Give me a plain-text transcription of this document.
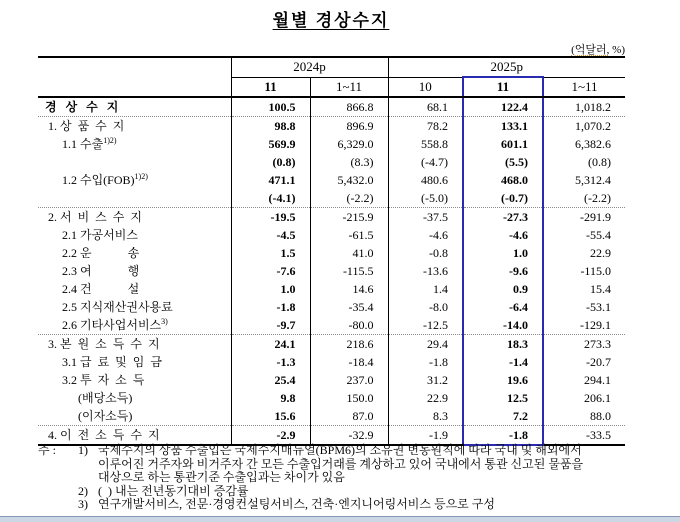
월별 경상수지
(억달러, %)
	2024p		2025p		
	11	1~11	10	11	1~11
경   상   수   지	100.5	866.8	68.1	122.4	1,018.2
1. 상  품  수  지	98.8	896.9	78.2	133.1	1,070.2
1.1 수출$^{1)2)}$	569.9	6,329.0	558.8	601.1	6,382.6
	(0.8)	(8.3)	(-4.7)	(5.5)	(0.8)
1.2 수입(FOB)$^{1)2)}$	471.1	5,432.0	480.6	468.0	5,312.4
	(-4.1)	(-2.2)	(-5.0)	(-0.7)	(-2.2)
2. 서  비  스  수  지	-19.5	-215.9	-37.5	-27.3	-291.9
2.1 가공서비스	-4.5	-61.5	-4.6	-4.6	-55.4
2.2 운            송	1.5	41.0	-0.8	1.0	22.9
2.3 여            행	-7.6	-115.5	-13.6	-9.6	-115.0
2.4 건            설	1.0	14.6	1.4	0.9	15.4
2.5 지식재산권사용료	-1.8	-35.4	-8.0	-6.4	-53.1
2.6 기타사업서비스$^{3)}$	-9.7	-80.0	-12.5	-14.0	-129.1
3. 본  원  소  득  수  지	24.1	218.6	29.4	18.3	273.3
3.1 급  료  및  임  금	-1.3	-18.4	-1.8	-1.4	-20.7
3.2 투  자  소  득	25.4	237.0	31.2	19.6	294.1
(배당소득)	9.8	150.0	22.9	12.5	206.1
(이자소득)	15.6	87.0	8.3	7.2	88.0
4. 이  전  소  득  수  지	-2.9	-32.9	-1.9	-1.8	-33.5
주 :	1) 국제수지의 상품 수출입은 국제수지매뉴얼(BPM6)의 소유권 변동원칙에 따라 국내 및 해외에서
이루어진 거주자와 비거주자 간 모든 수출입거래를 계상하고 있어 국내에서 통관 신고된 물품을
대상으로 하는 통관기준 수출입과는 차이가 있음
2) (  ) 내는 전년동기대비 증감률
3) 연구개발서비스, 전문·경영컨설팅서비스, 건축·엔지니어링서비스 등으로 구성
